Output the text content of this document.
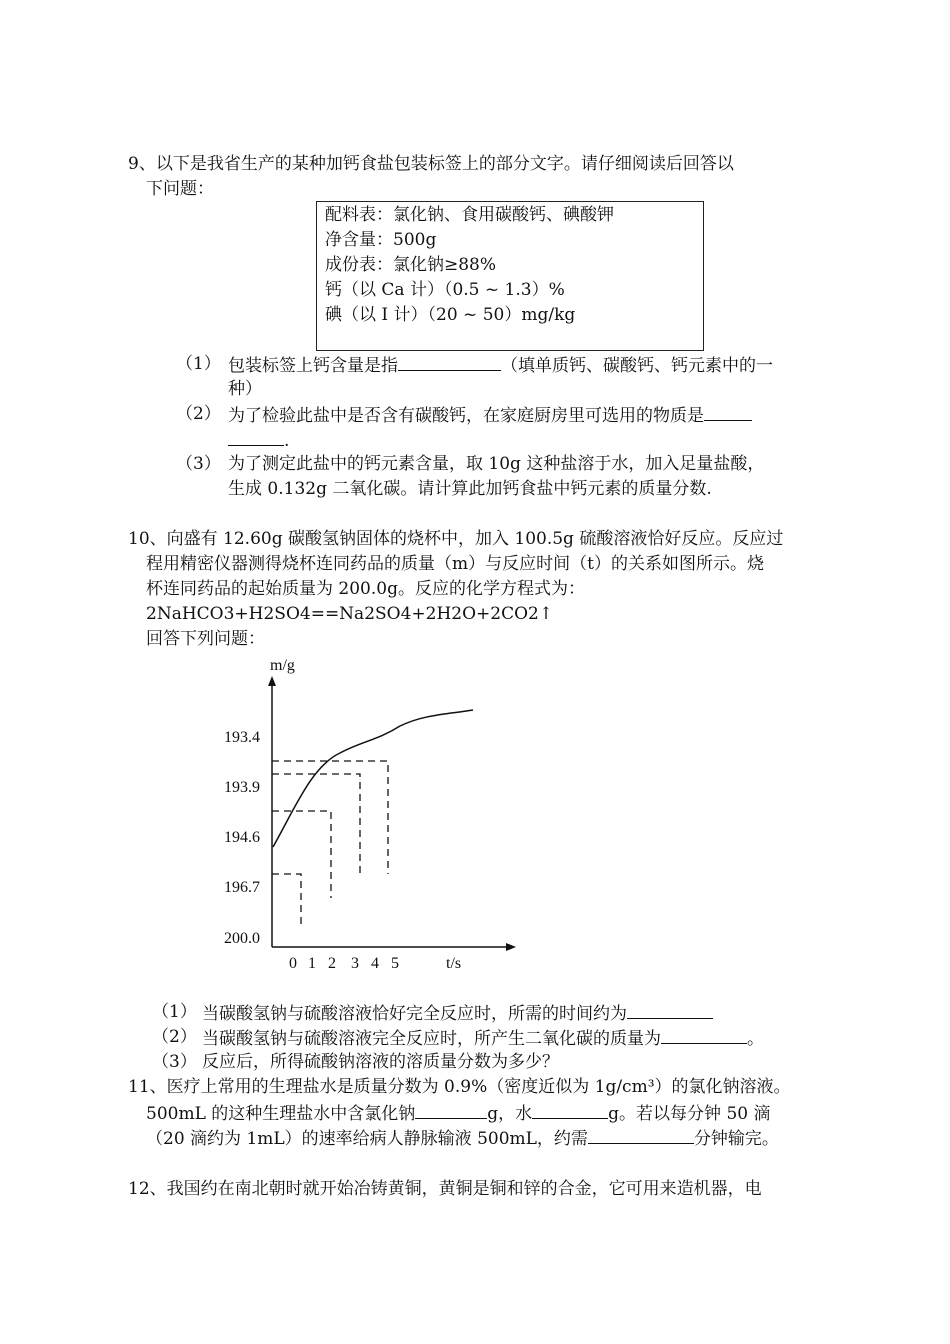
9、以下是我省生产的某种加钙食盐包装标签上的部分文字。请仔细阅读后回答以
下问题：
配料表：氯化钠、食用碳酸钙、碘酸钾
净含量：500g
成份表：氯化钠≥88%
钙（以 Ca 计）（0.5 ~ 1.3）%
碘（以 I 计）（20 ~ 50）mg/kg
（1） 包装标签上钙含量是指	（填单质钙、碳酸钙、钙元素中的一
种）
（2） 为了检验此盐中是否含有碳酸钙，在家庭厨房里可选用的物质是
.
（3） 为了测定此盐中的钙元素含量，取 10g 这种盐溶于水，加入足量盐酸，
生成 0.132g 二氧化碳。请计算此加钙食盐中钙元素的质量分数.
10、向盛有 12.60g 碳酸氢钠固体的烧杯中，加入 100.5g 硫酸溶液恰好反应。反应过
程用精密仪器测得烧杯连同药品的质量（m）与反应时间（t）的关系如图所示。烧
杯连同药品的起始质量为 200.0g。反应的化学方程式为：
2NaHCO3+H2SO4==Na2SO4+2H2O+2CO2↑
回答下列问题：
m/g
t/s
193.4
193.9
194.6
196.7
200.0
0 1 2 3 4 5
（1） 当碳酸氢钠与硫酸溶液恰好完全反应时，所需的时间约为
（2） 当碳酸氢钠与硫酸溶液完全反应时，所产生二氧化碳的质量为	。
（3） 反应后，所得硫酸钠溶液的溶质量分数为多少？
11、医疗上常用的生理盐水是质量分数为 0.9%（密度近似为 1g/cm³）的氯化钠溶液。
500mL 的这种生理盐水中含氯化钠	g，水	g。若以每分钟 50 滴
（20 滴约为 1mL）的速率给病人静脉输液 500mL，约需	分钟输完。
12、我国约在南北朝时就开始冶铸黄铜，黄铜是铜和锌的合金，它可用来造机器，电
